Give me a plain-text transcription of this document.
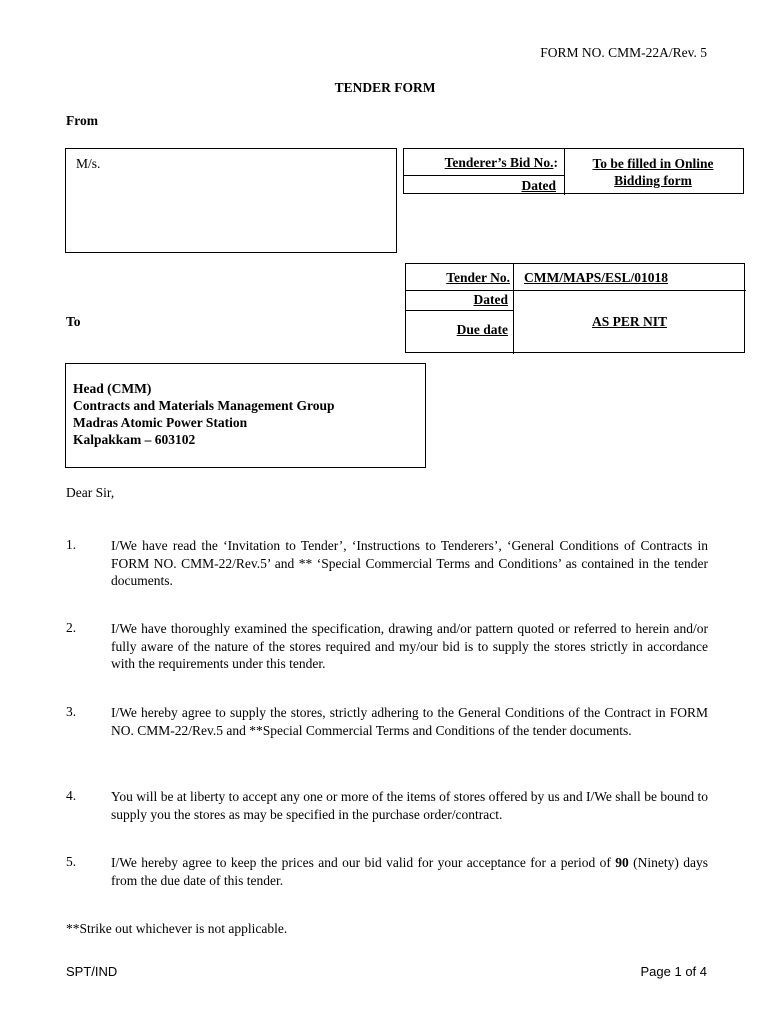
FORM NO. CMM-22A/Rev. 5
TENDER FORM
From
M/s.	Tenderer’s Bid No.:
Dated
To be filled in Online Bidding form
Tender No. CMM/MAPS/ESL/01018
Dated
Due date
AS PER NIT
To
Head (CMM)
Contracts and Materials Management Group
Madras Atomic Power Station
Kalpakkam – 603102
Dear Sir,
1.	I/We have read the ‘Invitation to Tender’, ‘Instructions to Tenderers’, ‘General Conditions of Contracts in FORM NO. CMM-22/Rev.5’ and ** ‘Special Commercial Terms and Conditions’ as contained in the tender documents.
2.	I/We have thoroughly examined the specification, drawing and/or pattern quoted or referred to herein and/or fully aware of the nature of the stores required and my/our bid is to supply the stores strictly in accordance with the requirements under this tender.
3.	I/We hereby agree to supply the stores, strictly adhering to the General Conditions of the Contract in FORM NO. CMM-22/Rev.5 and **Special Commercial Terms and Conditions of the tender documents.
4.	You will be at liberty to accept any one or more of the items of stores offered by us and I/We shall be bound to supply you the stores as may be specified in the purchase order/contract.
5.	I/We hereby agree to keep the prices and our bid valid for your acceptance for a period of 90 (Ninety) days from the due date of this tender.
**Strike out whichever is not applicable.
SPT/IND	Page 1 of 4
